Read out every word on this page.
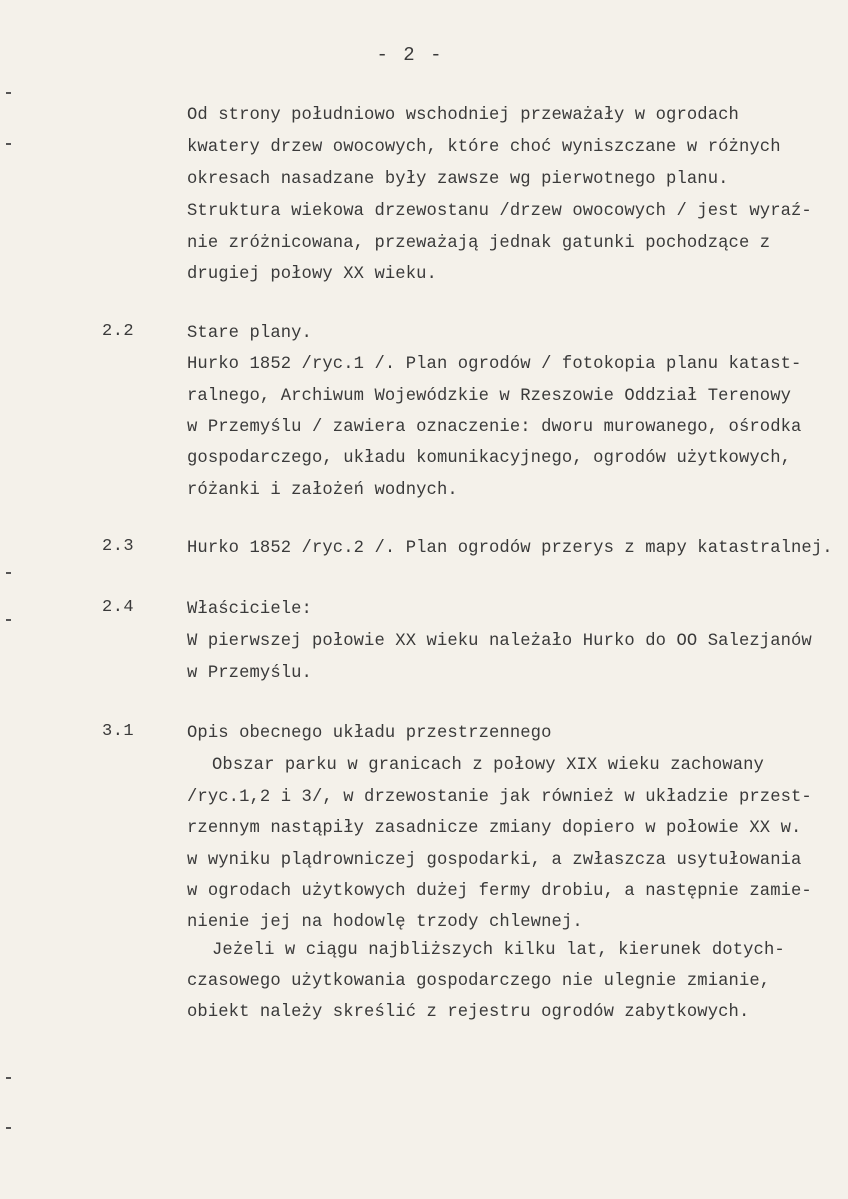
- 2 -
Od strony południowo wschodniej przeważały w ogrodach
kwatery drzew owocowych, które choć wyniszczane w różnych
okresach nasadzane były zawsze wg pierwotnego planu.
Struktura wiekowa drzewostanu /drzew owocowych / jest wyraź-
nie zróżnicowana, przeważają jednak gatunki pochodzące z
drugiej połowy XX wieku.
2.2	Stare plany.
Hurko 1852 /ryc.1 /. Plan ogrodów / fotokopia planu katast-
ralnego, Archiwum Wojewódzkie w Rzeszowie Oddział Terenowy
w Przemyślu / zawiera oznaczenie: dworu murowanego, ośrodka
gospodarczego, układu komunikacyjnego, ogrodów użytkowych,
różanki i założeń wodnych.
2.3	Hurko 1852 /ryc.2 /. Plan ogrodów przerys z mapy katastralnej.
2.4	Właściciele:
W pierwszej połowie XX wieku należało Hurko do OO Salezjanów
w Przemyślu.
3.1	Opis obecnego układu przestrzennego
Obszar parku w granicach z połowy XIX wieku zachowany
/ryc.1,2 i 3/, w drzewostanie jak również w układzie przest-
rzennym nastąpiły zasadnicze zmiany dopiero w połowie XX w.
w wyniku plądrowniczej gospodarki, a zwłaszcza usytułowania
w ogrodach użytkowych dużej fermy drobiu, a następnie zamie-
nienie jej na hodowlę trzody chlewnej.
Jeżeli w ciągu najbliższych kilku lat, kierunek dotych-
czasowego użytkowania gospodarczego nie ulegnie zmianie,
obiekt należy skreślić z rejestru ogrodów zabytkowych.
